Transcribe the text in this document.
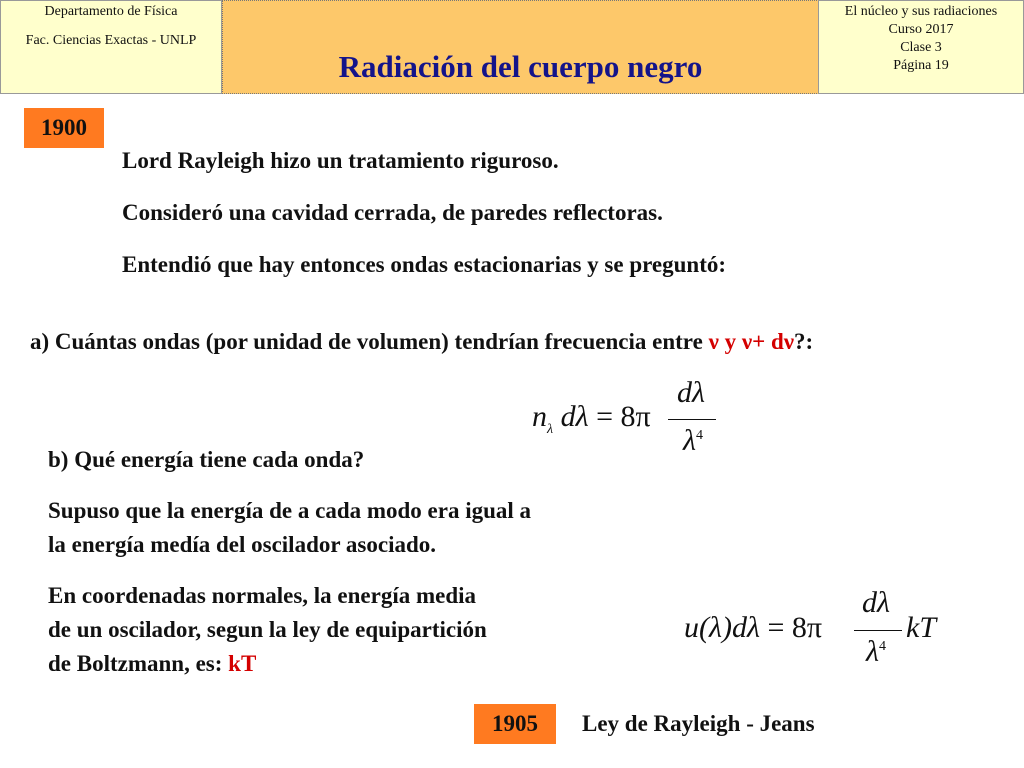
Departamento de Física
Fac. Ciencias Exactas - UNLP
Radiación del cuerpo negro
El núcleo y sus radiaciones
Curso 2017
Clase 3
Página 19
1900
Lord Rayleigh hizo un tratamiento riguroso.
Consideró una cavidad cerrada, de paredes reflectoras.
Entendió que hay entonces ondas estacionarias y se preguntó:
a) Cuántas ondas (por unidad de volumen) tendrían frecuencia entre ν y ν+ dν?:
$n_\lambda$ dλ = 8π
dλ
$\lambda^4$
b) Qué energía tiene cada onda?
Supuso que la energía de a cada modo era igual a
la energía medía del oscilador asociado.
En coordenadas normales, la energía media
de un oscilador, segun la ley de equipartición
de Boltzmann, es: kT
u(λ)dλ = 8π
dλ
$\lambda^4$
kT
1905	Ley de Rayleigh - Jeans
